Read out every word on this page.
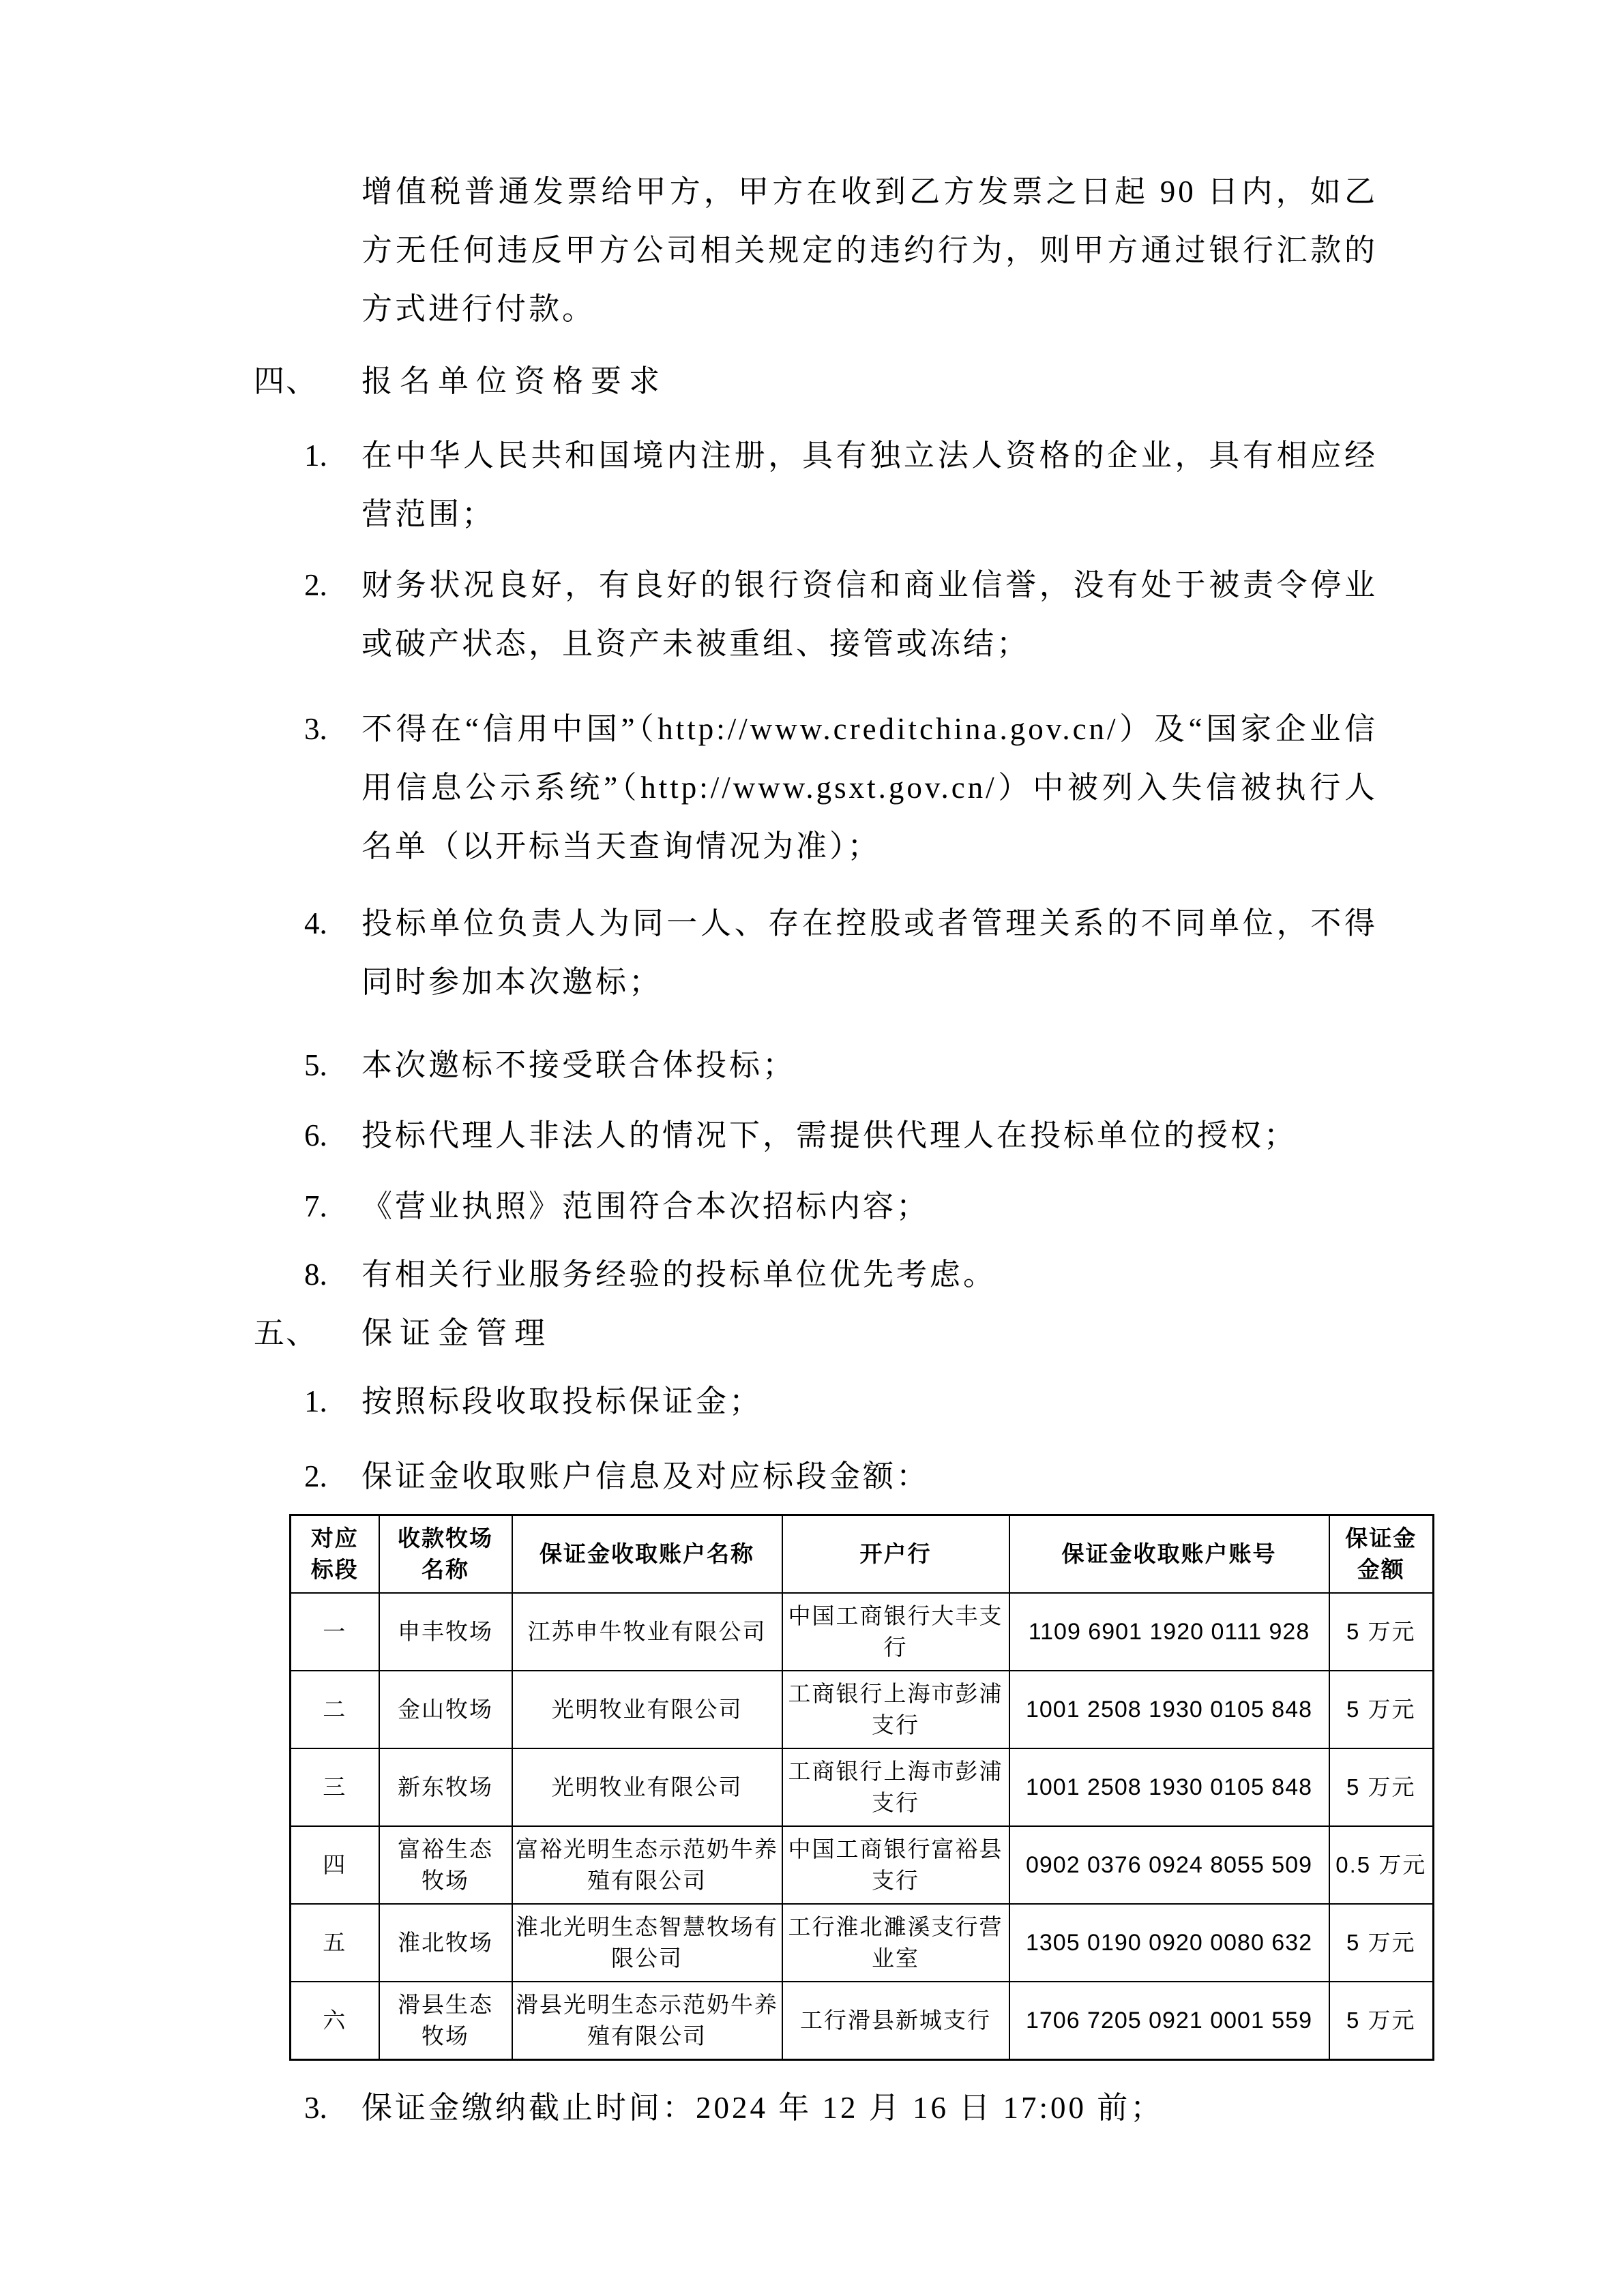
增值税普通发票给甲方，甲方在收到乙方发票之日起 90 日内，如乙方无任何违反甲方公司相关规定的违约行为，则甲方通过银行汇款的方式进行付款。

四、	报名单位资格要求
1.	在中华人民共和国境内注册，具有独立法人资格的企业，具有相应经营范围；
2.	财务状况良好，有良好的银行资信和商业信誉，没有处于被责令停业或破产状态，且资产未被重组、接管或冻结；
3.	不得在“信用中国”（http://www.creditchina.gov.cn/）及“国家企业信用信息公示系统”（http://www.gsxt.gov.cn/）中被列入失信被执行人名单（以开标当天查询情况为准）；
4.	投标单位负责人为同一人、存在控股或者管理关系的不同单位，不得同时参加本次邀标；
5.	本次邀标不接受联合体投标；
6.	投标代理人非法人的情况下，需提供代理人在投标单位的授权；
7.	《营业执照》范围符合本次招标内容；
8.	有相关行业服务经验的投标单位优先考虑。
五、	保证金管理
1.	按照标段收取投标保证金；
2.	保证金收取账户信息及对应标段金额：
对应标段	收款牧场名称	保证金收取账户名称	开户行	保证金收取账户账号	保证金金额
一	申丰牧场	江苏申牛牧业有限公司	中国工商银行大丰支行	1109 6901 1920 0111 928	5 万元
二	金山牧场	光明牧业有限公司	工商银行上海市彭浦支行	1001 2508 1930 0105 848	5 万元
三	新东牧场	光明牧业有限公司	工商银行上海市彭浦支行	1001 2508 1930 0105 848	5 万元
四	富裕生态牧场	富裕光明生态示范奶牛养殖有限公司	中国工商银行富裕县支行	0902 0376 0924 8055 509	0.5 万元
五	淮北牧场	淮北光明生态智慧牧场有限公司	工行淮北濉溪支行营业室	1305 0190 0920 0080 632	5 万元
六	滑县生态牧场	滑县光明生态示范奶牛养殖有限公司	工行滑县新城支行	1706 7205 0921 0001 559	5 万元
3.	保证金缴纳截止时间：2024 年 12 月 16 日 17:00 前；
